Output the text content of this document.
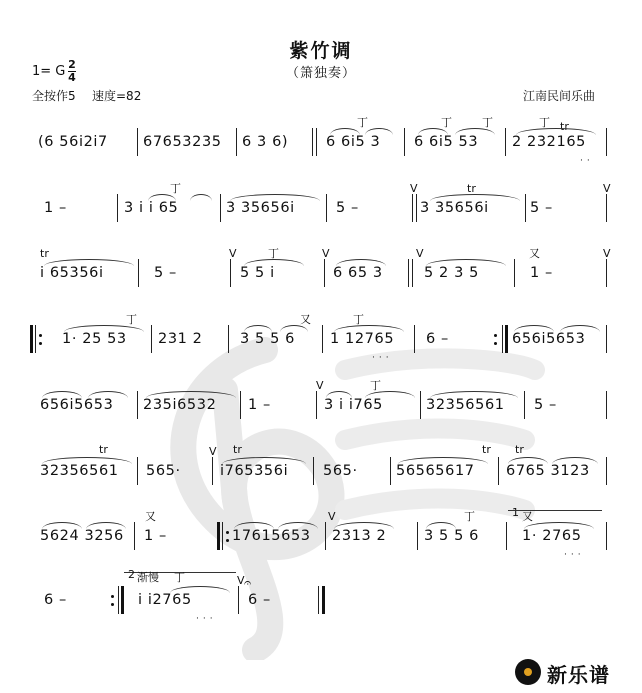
紫竹调
（箫独奏）
1= G 2
4
全按作5 速度=82	江南民间乐曲
丁	丁	丁	丁 tr
(6 56i2i7 67653235 6 3 6)	6 6i5 3 6 6i5 53 2 232165
··
丁	V	tr	V
1 –	3 i i 65	3 35656i	5 –	3 35656i	5 –
tr	V	丁	V	V	又	V
i 65356i	5 –	5 5 i	6 65 3	5 2 3 5	1 –
丁	又	丁
1· 25 53 231 2	3 5 5 6 1 12765
···
6 –	656i5653
丁
V
656i5653 235i6532 1 –	3 i i765	32356561 5 –
tr	V tr	tr tr
32356561 565·	i765356i 565·	56565617 6765 3123
又	V	丁	1 又
5624 3256 1 –	17615653 2313 2	3 5 5 6	1· 2765
···
2 渐慢 丁	V 𝄐
6 –	i i2765
···
6 –
新乐谱
